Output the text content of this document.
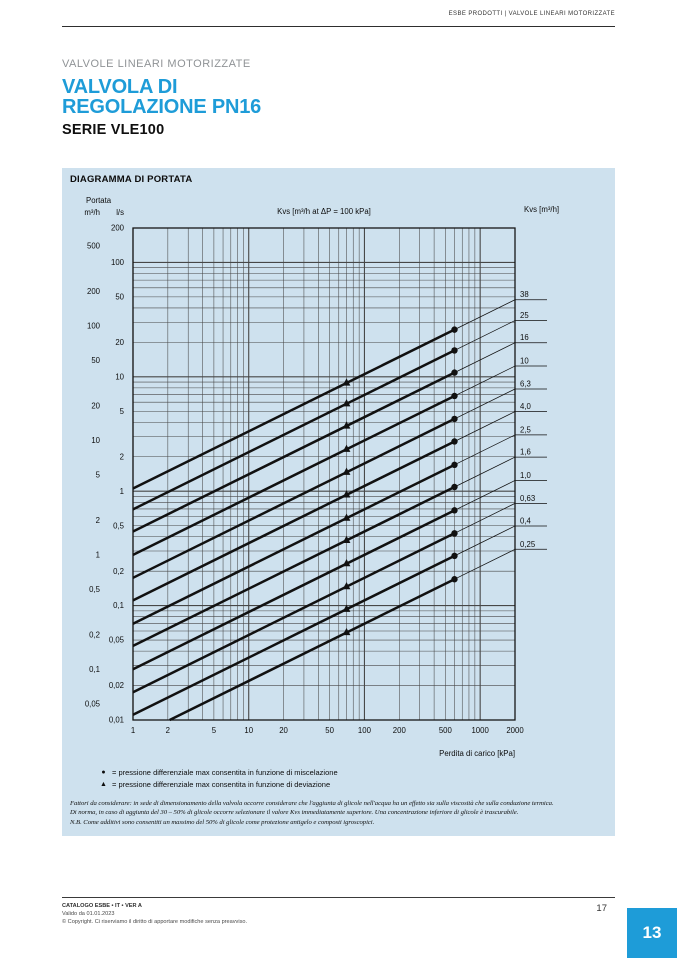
ESBE PRODOTTI | VALVOLE LINEARI MOTORIZZATE
VALVOLE LINEARI MOTORIZZATE
VALVOLA DI
REGOLAZIONE PN16
SERIE VLE100
38
25
16
10
6,3
4,0
2,5
1,6
1,0
0,63
0,4
0,25
1	2	5	10	20	50	100	200	500	1000 2000
200
100
50
20
10
5
2
1
0,5
0,2
0,1
0,05
0,02
0,01
500
200
100
50
20
10
5
2
1
0,5
0,2
0,1
0,05
Portata
m³/h l/s	Kvs [m³/h at ΔP = 100 kPa]	Kvs [m³/h]
Perdita di carico [kPa]
DIAGRAMMA DI PORTATA
● = pressione differenziale max consentita in funzione di miscelazione
▲ = pressione differenziale max consentita in funzione di deviazione
Fattori da considerare: in sede di dimensionamento della valvola occorre considerare che l'aggiunta di glicole nell'acqua ha un effetto sia sulla viscosità che sulla conduzione termica.
Di norma, in caso di aggiunta del 30 – 50% di glicole occorre selezionare il valore Kvs immediatamente superiore. Una concentrazione inferiore di glicole è trascurabile.
N.B. Come additivi sono consentiti un massimo del 50% di glicole come protezione antigelo e composti igroscopici.
CATALOGO ESBE • IT • VER A
Valido da 01.01.2023
© Copyright. Ci riserviamo il diritto di apportare modifiche senza preavviso.
17
13
